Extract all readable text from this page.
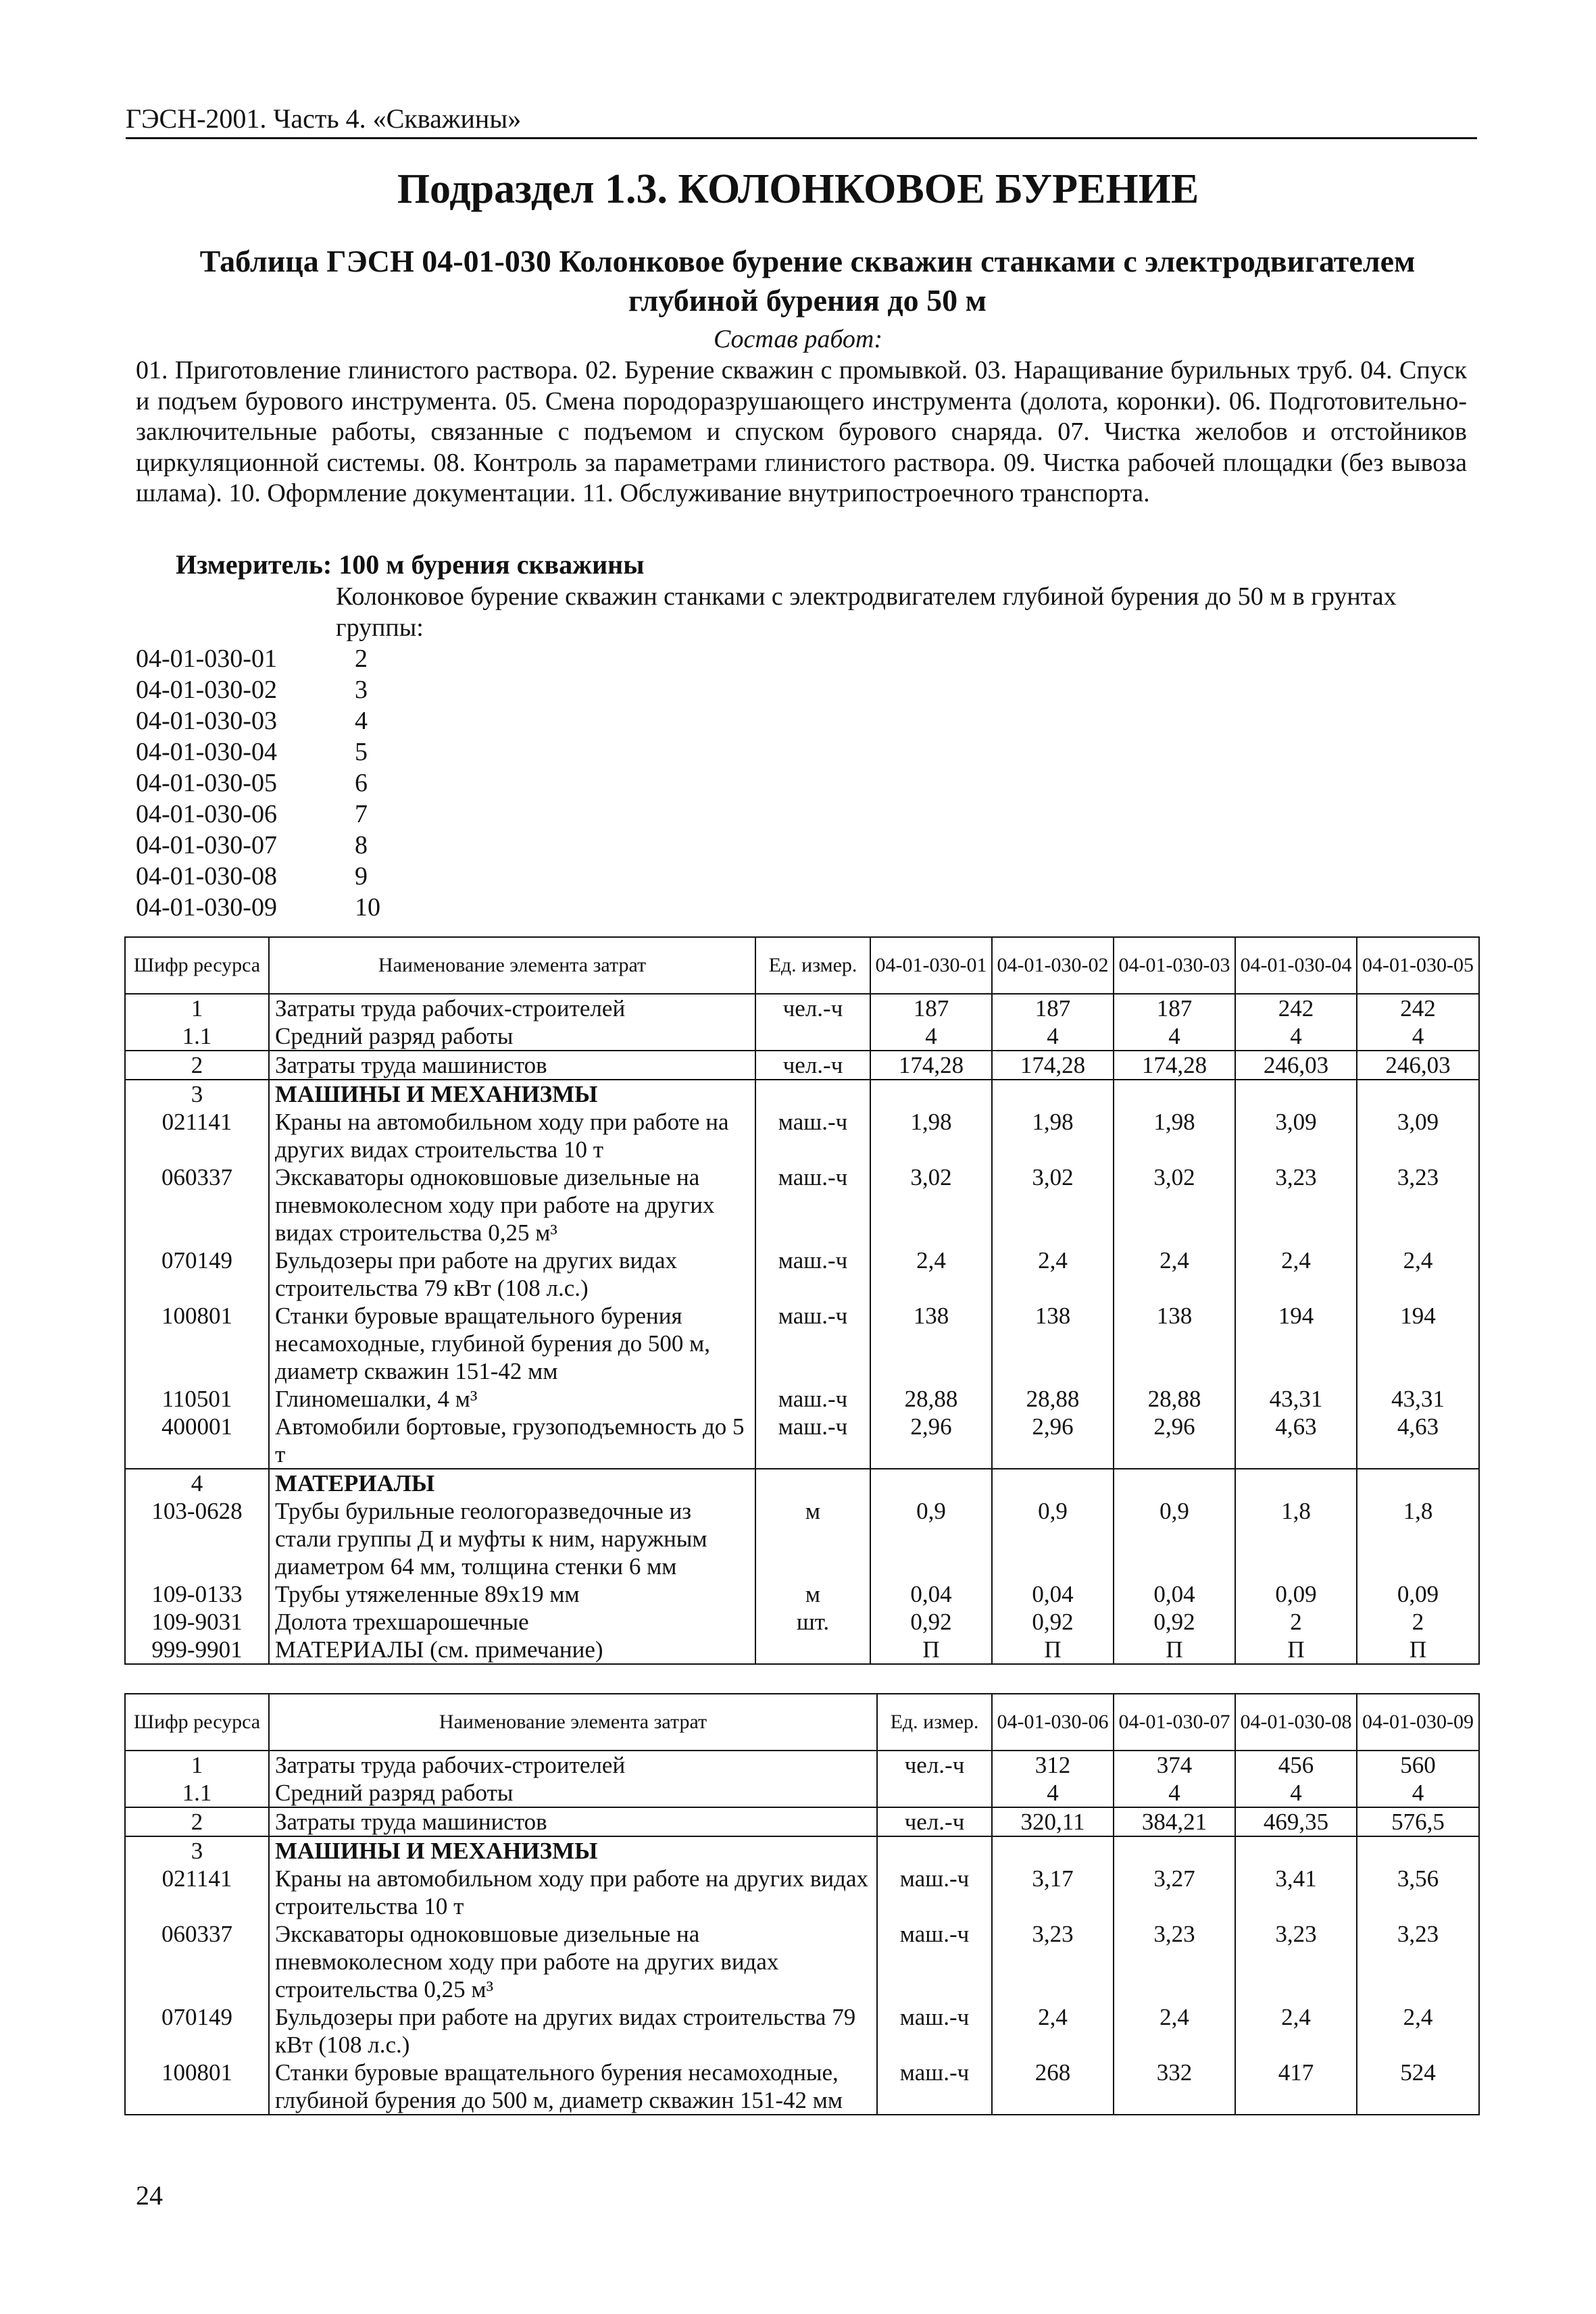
ГЭСН-2001. Часть 4. «Скважины»
Подраздел 1.3. КОЛОНКОВОЕ БУРЕНИЕ
Таблица ГЭСН 04-01-030 Колонковое бурение скважин станками с электродвигателем глубиной бурения до 50 м
Состав работ:
01. Приготовление глинистого раствора. 02. Бурение скважин с промывкой. 03. Наращивание бурильных труб. 04. Спуск и подъем бурового инструмента. 05. Смена породоразрушающего инструмента (долота, коронки). 06. Подготовительно-заключительные работы, связанные с подъемом и спуском бурового снаряда. 07. Чистка желобов и отстойников циркуляционной системы. 08. Контроль за параметрами глинистого раствора. 09. Чистка рабочей площадки (без вывоза шлама). 10. Оформление документации. 11. Обслуживание внутрипостроечного транспорта.
Измеритель: 100 м бурения скважины
Колонковое бурение скважин станками с электродвигателем глубиной бурения до 50 м в грунтах группы:
04-01-030-01	2
04-01-030-02	3
04-01-030-03	4
04-01-030-04	5
04-01-030-05	6
04-01-030-06	7
04-01-030-07	8
04-01-030-08	9
04-01-030-09	10
Шифр ресурса	Наименование элемента затрат	Ед. измер.	04-01-030-01	04-01-030-02	04-01-030-03	04-01-030-04	04-01-030-05
1	Затраты труда рабочих-строителей	чел.-ч	187	187	187	242	242
1.1	Средний разряд работы		4	4	4	4	4
2	Затраты труда машинистов	чел.-ч	174,28	174,28	174,28	246,03	246,03
3	МАШИНЫ И МЕХАНИЗМЫ						
021141	Краны на автомобильном ходу при работе на других видах строительства 10 т	маш.-ч	1,98	1,98	1,98	3,09	3,09
060337	Экскаваторы одноковшовые дизельные на пневмоколесном ходу при работе на других видах строительства 0,25 м³	маш.-ч	3,02	3,02	3,02	3,23	3,23
070149	Бульдозеры при работе на других видах строительства 79 кВт (108 л.с.)	маш.-ч	2,4	2,4	2,4	2,4	2,4
100801	Станки буровые вращательного бурения несамоходные, глубиной бурения до 500 м, диаметр скважин 151-42 мм	маш.-ч	138	138	138	194	194
110501	Глиномешалки, 4 м³	маш.-ч	28,88	28,88	28,88	43,31	43,31
400001	Автомобили бортовые, грузоподъемность до 5 т	маш.-ч	2,96	2,96	2,96	4,63	4,63
4	МАТЕРИАЛЫ						
103-0628	Трубы бурильные геологоразведочные из стали группы Д и муфты к ним, наружным диаметром 64 мм, толщина стенки 6 мм	м	0,9	0,9	0,9	1,8	1,8
109-0133	Трубы утяжеленные 89х19 мм	м	0,04	0,04	0,04	0,09	0,09
109-9031	Долота трехшарошечные	шт.	0,92	0,92	0,92	2	2
999-9901	МАТЕРИАЛЫ (см. примечание)		П	П	П	П	П
Шифр ресурса	Наименование элемента затрат	Ед. измер.	04-01-030-06	04-01-030-07	04-01-030-08	04-01-030-09
1	Затраты труда рабочих-строителей	чел.-ч	312	374	456	560
1.1	Средний разряд работы		4	4	4	4
2	Затраты труда машинистов	чел.-ч	320,11	384,21	469,35	576,5
3	МАШИНЫ И МЕХАНИЗМЫ					
021141	Краны на автомобильном ходу при работе на других видах строительства 10 т	маш.-ч	3,17	3,27	3,41	3,56
060337	Экскаваторы одноковшовые дизельные на пневмоколесном ходу при работе на других видах строительства 0,25 м³	маш.-ч	3,23	3,23	3,23	3,23
070149	Бульдозеры при работе на других видах строительства 79 кВт (108 л.с.)	маш.-ч	2,4	2,4	2,4	2,4
100801	Станки буровые вращательного бурения несамоходные, глубиной бурения до 500 м, диаметр скважин 151-42 мм	маш.-ч	268	332	417	524
24
